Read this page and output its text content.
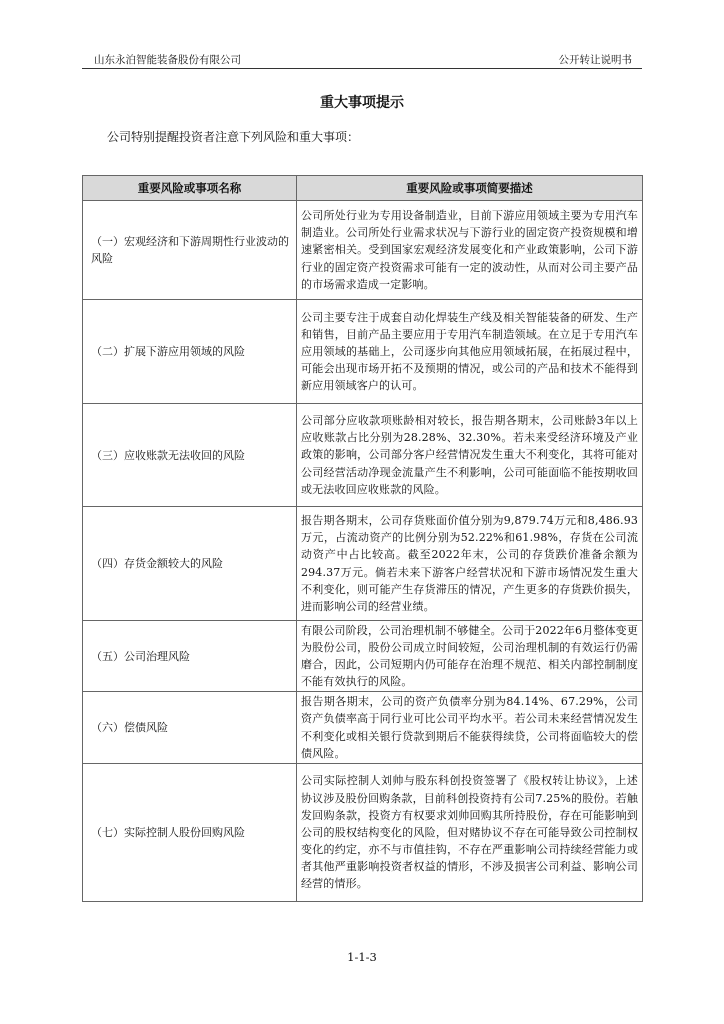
山东永泊智能装备股份有限公司	公开转让说明书
重大事项提示
公司特别提醒投资者注意下列风险和重大事项：
重要风险或事项名称	重要风险或事项简要描述
（一）宏观经济和下游周期性行业波动的风险	公司所处行业为专用设备制造业，目前下游应用领域主要为专用汽车制造业。公司所处行业需求状况与下游行业的固定资产投资规模和增速紧密相关。受到国家宏观经济发展变化和产业政策影响，公司下游行业的固定资产投资需求可能有一定的波动性，从而对公司主要产品的市场需求造成一定影响。
（二）扩展下游应用领域的风险	公司主要专注于成套自动化焊装生产线及相关智能装备的研发、生产和销售，目前产品主要应用于专用汽车制造领域。在立足于专用汽车应用领域的基础上，公司逐步向其他应用领域拓展，在拓展过程中，可能会出现市场开拓不及预期的情况，或公司的产品和技术不能得到新应用领域客户的认可。
（三）应收账款无法收回的风险	公司部分应收款项账龄相对较长，报告期各期末，公司账龄3年以上应收账款占比分别为28.28%、32.30%。若未来受经济环境及产业政策的影响，公司部分客户经营情况发生重大不利变化，其将可能对公司经营活动净现金流量产生不利影响，公司可能面临不能按期收回或无法收回应收账款的风险。
（四）存货金额较大的风险	报告期各期末，公司存货账面价值分别为9,879.74万元和8,486.93万元，占流动资产的比例分别为52.22%和61.98%，存货在公司流动资产中占比较高。截至2022年末，公司的存货跌价准备余额为294.37万元。倘若未来下游客户经营状况和下游市场情况发生重大不利变化，则可能产生存货滞压的情况，产生更多的存货跌价损失，进而影响公司的经营业绩。
（五）公司治理风险	有限公司阶段，公司治理机制不够健全。公司于2022年6月整体变更为股份公司，股份公司成立时间较短，公司治理机制的有效运行仍需磨合，因此，公司短期内仍可能存在治理不规范、相关内部控制制度不能有效执行的风险。
（六）偿债风险	报告期各期末，公司的资产负债率分别为84.14%、67.29%，公司资产负债率高于同行业可比公司平均水平。若公司未来经营情况发生不利变化或相关银行贷款到期后不能获得续贷，公司将面临较大的偿债风险。
（七）实际控制人股份回购风险	公司实际控制人刘帅与股东科创投资签署了《股权转让协议》，上述协议涉及股份回购条款，目前科创投资持有公司7.25%的股份。若触发回购条款，投资方有权要求刘帅回购其所持股份，存在可能影响到公司的股权结构变化的风险，但对赌协议不存在可能导致公司控制权变化的约定，亦不与市值挂钩，不存在严重影响公司持续经营能力或者其他严重影响投资者权益的情形，不涉及损害公司利益、影响公司经营的情形。
1-1-3
